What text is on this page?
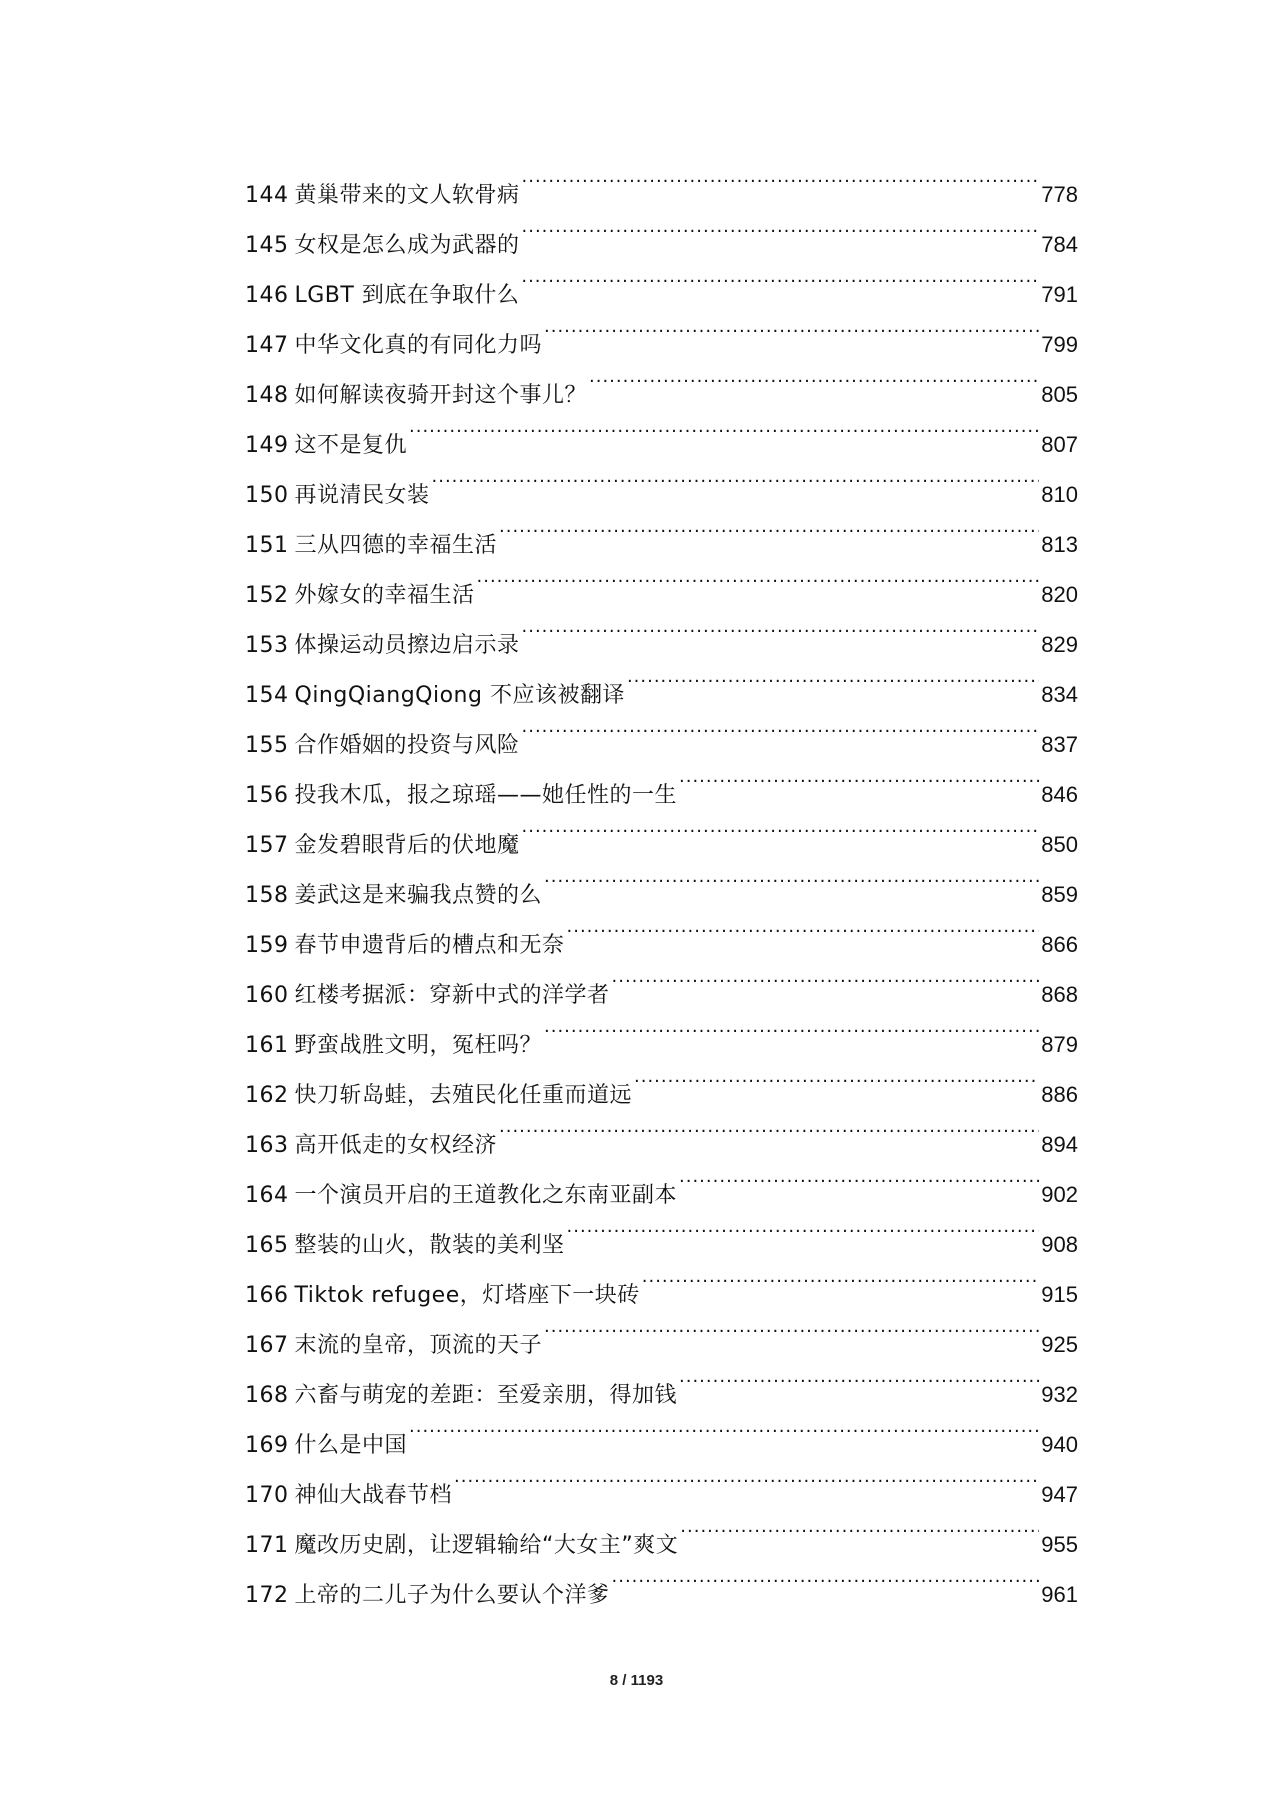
144 黄巢带来的文人软骨病 .....	778
145 女权是怎么成为武器的 .....	784
146 LGBT 到底在争取什么 .....	791
147 中华文化真的有同化力吗 .....	799
148 如何解读夜骑开封这个事儿？ .....	805
149 这不是复仇 .....	807
150 再说清民女装 .....	810
151 三从四德的幸福生活 .....	813
152 外嫁女的幸福生活 .....	820
153 体操运动员擦边启示录 .....	829
154 QingQiangQiong 不应该被翻译 .....	834
155 合作婚姻的投资与风险 .....	837
156 投我木瓜，报之琼瑶——她任性的一生 .....	846
157 金发碧眼背后的伏地魔 .....	850
158 姜武这是来骗我点赞的么 .....	859
159 春节申遗背后的槽点和无奈 .....	866
160 红楼考据派：穿新中式的洋学者 .....	868
161 野蛮战胜文明，冤枉吗？ .....	879
162 快刀斩岛蛙，去殖民化任重而道远 .....	886
163 高开低走的女权经济 .....	894
164 一个演员开启的王道教化之东南亚副本 .....	902
165 整装的山火，散装的美利坚 .....	908
166 Tiktok refugee，灯塔座下一块砖 .....	915
167 末流的皇帝，顶流的天子 .....	925
168 六畜与萌宠的差距：至爱亲朋，得加钱 .....	932
169 什么是中国 .....	940
170 神仙大战春节档 .....	947
171 魔改历史剧，让逻辑输给“大女主”爽文 .....	955
172 上帝的二儿子为什么要认个洋爹 .....	961
8 / 1193
